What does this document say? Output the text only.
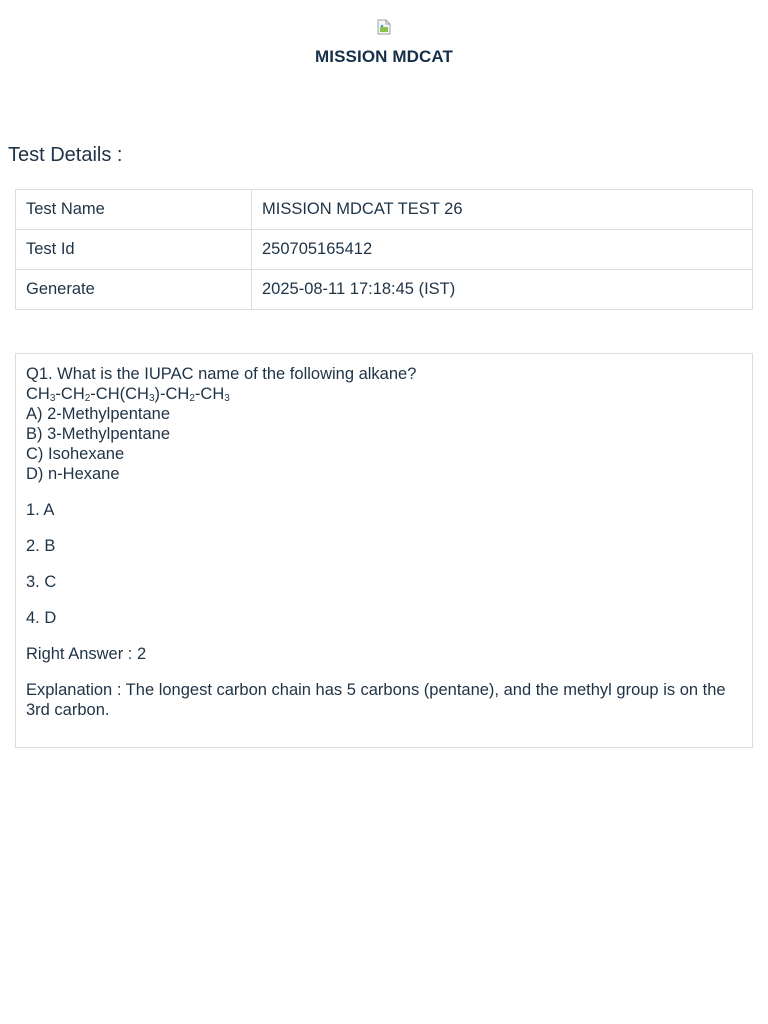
MISSION MDCAT
Test Details :
Test Name	MISSION MDCAT TEST 26
Test Id	250705165412
Generate	2025-08-11 17:18:45 (IST)

Q1. What is the IUPAC name of the following alkane?

$CH_3-CH_2-CH(CH_3)-CH_2-CH_3$

A) 2-Methylpentane

B) 3-Methylpentane

C) Isohexane

D) n-Hexane

1. A

2. B

3. C

4. D

Right Answer : 2

Explanation : The longest carbon chain has 5 carbons (pentane), and the methyl group is on the 3rd carbon.
